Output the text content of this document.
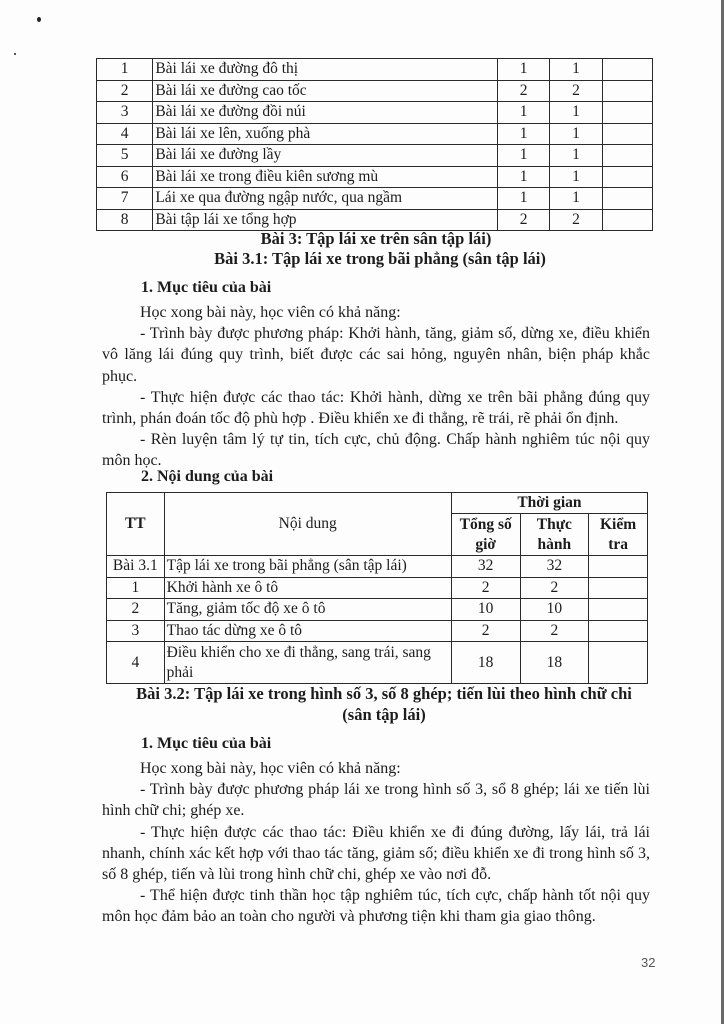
1	Bài lái xe đường đô thị	1	1	
2	Bài lái xe đường cao tốc	2	2	
3	Bài lái xe đường đồi núi	1	1	
4	Bài lái xe lên, xuống phà	1	1	
5	Bài lái xe đường lầy	1	1	
6	Bài lái xe trong điều kiên sương mù	1	1	
7	Lái xe qua đường ngập nước, qua ngầm	1	1	
8	Bài tập lái xe tổng hợp	2	2	
Bài 3: Tập lái xe trên sân tập lái)
Bài 3.1: Tập lái xe trong bãi phẳng (sân tập lái)
1. Mục tiêu của bài

Học xong bài này, học viên có khả năng:

- Trình bày được phương pháp: Khởi hành, tăng, giảm số, dừng xe, điều khiển vô lăng lái đúng quy trình, biết được các sai hỏng, nguyên nhân, biện pháp khắc phục.

- Thực hiện được các thao tác: Khởi hành, dừng xe trên bãi phẳng đúng quy trình, phán đoán tốc độ phù hợp . Điều khiển xe đi thẳng, rẽ trái, rẽ phải ổn định.

- Rèn luyện tâm lý tự tin, tích cực, chủ động. Chấp hành nghiêm túc nội quy môn học.

2. Nội dung của bài
TT	Nội dung	Thời gian		
		Tổng số giờ	Thực hành	Kiểm tra
Bài 3.1	Tập lái xe trong bãi phẳng (sân tập lái)	32	32	
1	Khởi hành xe ô tô	2	2	
2	Tăng, giảm tốc độ xe ô tô	10	10	
3	Thao tác dừng xe ô tô	2	2	
4	Điều khiển cho xe đi thẳng, sang trái, sang phải	18	18	
Bài 3.2: Tập lái xe trong hình số 3, số 8 ghép; tiến lùi theo hình chữ chi
(sân tập lái)
1. Mục tiêu của bài

Học xong bài này, học viên có khả năng:

- Trình bày được phương pháp lái xe trong hình số 3, sổ 8 ghép; lái xe tiến lùi hình chữ chi; ghép xe.

- Thực hiện được các thao tác: Điều khiển xe đi đúng đường, lấy lái, trả lái nhanh, chính xác kết hợp với thao tác tăng, giảm số; điều khiển xe đi trong hình số 3, số 8 ghép, tiến và lùi trong hình chữ chi, ghép xe vào nơi đỗ.

- Thể hiện được tinh thần học tập nghiêm túc, tích cực, chấp hành tốt nội quy môn học đảm bảo an toàn cho người và phương tiện khi tham gia giao thông.

32
